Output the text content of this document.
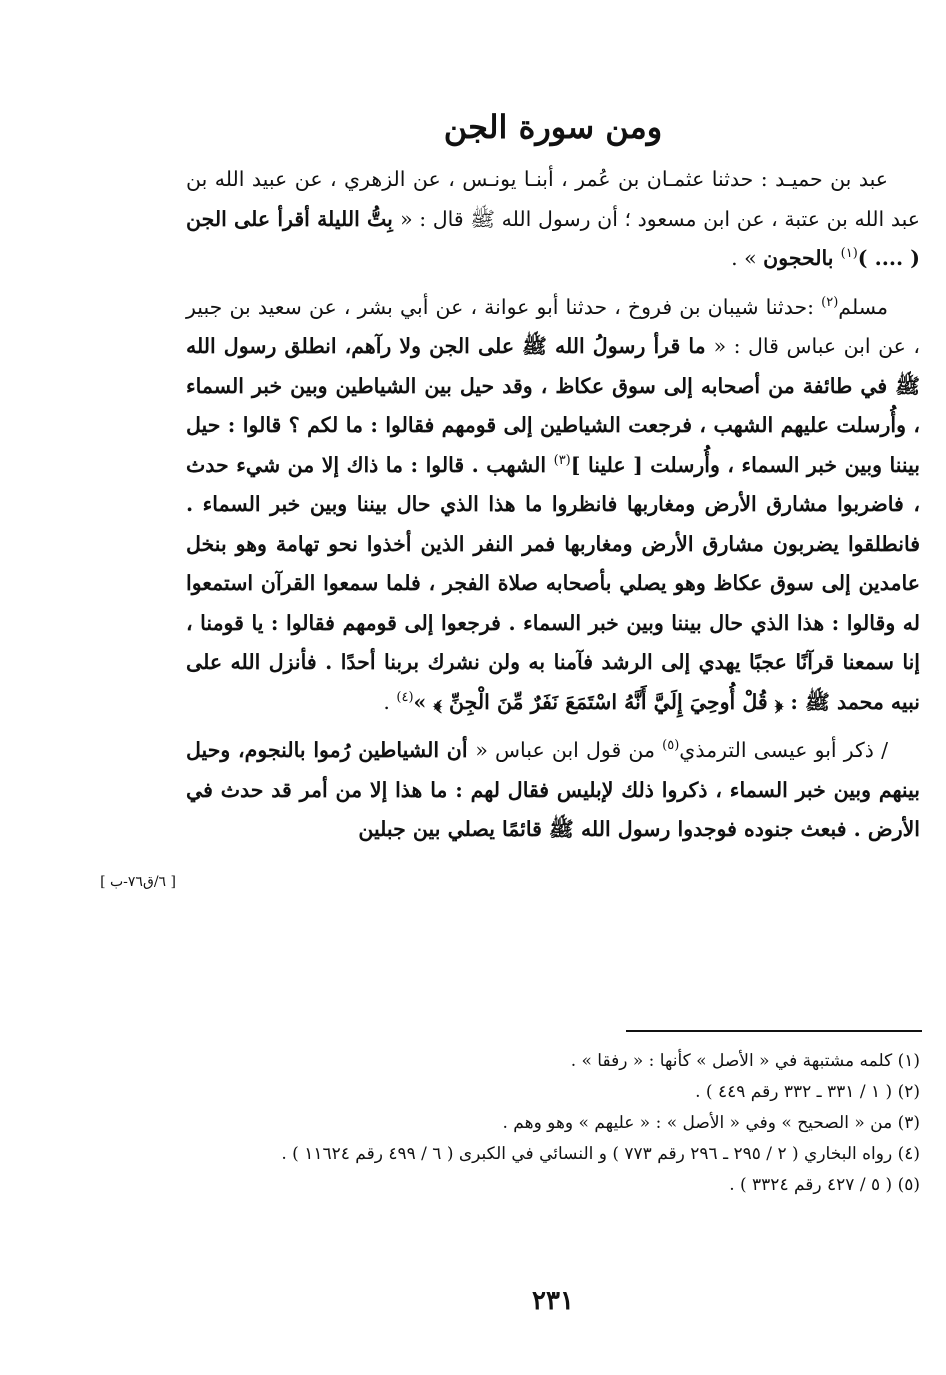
ومن سورة الجن

عبد بن حميـد : حدثنا عثمـان بن عُمر ، أبنـا يونـس ، عن الزهري ، عن عبيد الله بن عبد الله بن عتبة ، عن ابن مسعود ؛ أن رسول الله ﷺ قال : « بِتُّ الليلة أقرأ على الجن ( .... )$^{(١)}$ بالحجون » .

مسلم$^{(٢)}$ :حدثنا شيبان بن فروخ ، حدثنا أبو عوانة ، عن أبي بشر ، عن سعيد بن جبير ، عن ابن عباس قال : « ما قرأ رسولُ الله ﷺ على الجن ولا رآهم، انطلق رسول الله ﷺ في طائفة من أصحابه إلى سوق عكاظ ، وقد حيل بين الشياطين وبين خبر السماء ، وأُرسلت عليهم الشهب ، فرجعت الشياطين إلى قومهم فقالوا : ما لكم ؟ قالوا : حيل بيننا وبين خبر السماء ، وأُرسلت [ علينا ]$^{(٣)}$ الشهب . قالوا : ما ذاك إلا من شيء حدث ، فاضربوا مشارق الأرض ومغاربها فانظروا ما هذا الذي حال بيننا وبين خبر السماء . فانطلقوا يضربون مشارق الأرض ومغاربها فمر النفر الذين أخذوا نحو تهامة وهو بنخل عامدين إلى سوق عكاظ وهو يصلي بأصحابه صلاة الفجر ، فلما سمعوا القرآن استمعوا له وقالوا : هذا الذي حال بيننا وبين خبر السماء . فرجعوا إلى قومهم فقالوا : يا قومنا ، إنا سمعنا قرآنًا عجبًا يهدي إلى الرشد فآمنا به ولن نشرك بربنا أحدًا . فأنزل الله على نبيه محمد ﷺ : ﴿ قُلْ أُوحِيَ إِلَيَّ أَنَّهُ اسْتَمَعَ نَفَرٌ مِّنَ الْجِنِّ ﴾ »$^{(٤)}$ .

/ ذكر أبو عيسى الترمذي$^{(٥)}$ من قول ابن عباس « أن الشياطين رُموا بالنجوم، وحيل بينهم وبين خبر السماء ، ذكروا ذلك لإبليس فقال لهم : ما هذا إلا من أمر قد حدث في الأرض . فبعث جنوده فوجدوا رسول الله ﷺ قائمًا يصلي بين جبلين

[ ٦/ق٧٦-ب ]
(١) كلمه مشتبهة في « الأصل » كأنها : « رفقا » .
(٢) ( ١ / ٣٣١ ـ ٣٣٢ رقم ٤٤٩ ) .
(٣) من « الصحيح » وفي « الأصل » : « عليهم » وهو وهم .
(٤) رواه البخاري ( ٢ / ٢٩٥ ـ ٢٩٦ رقم ٧٧٣ ) و النسائي في الكبرى ( ٦ / ٤٩٩ رقم ١١٦٢٤ ) .
(٥) ( ٥ / ٤٢٧ رقم ٣٣٢٤ ) .
٢٣١
